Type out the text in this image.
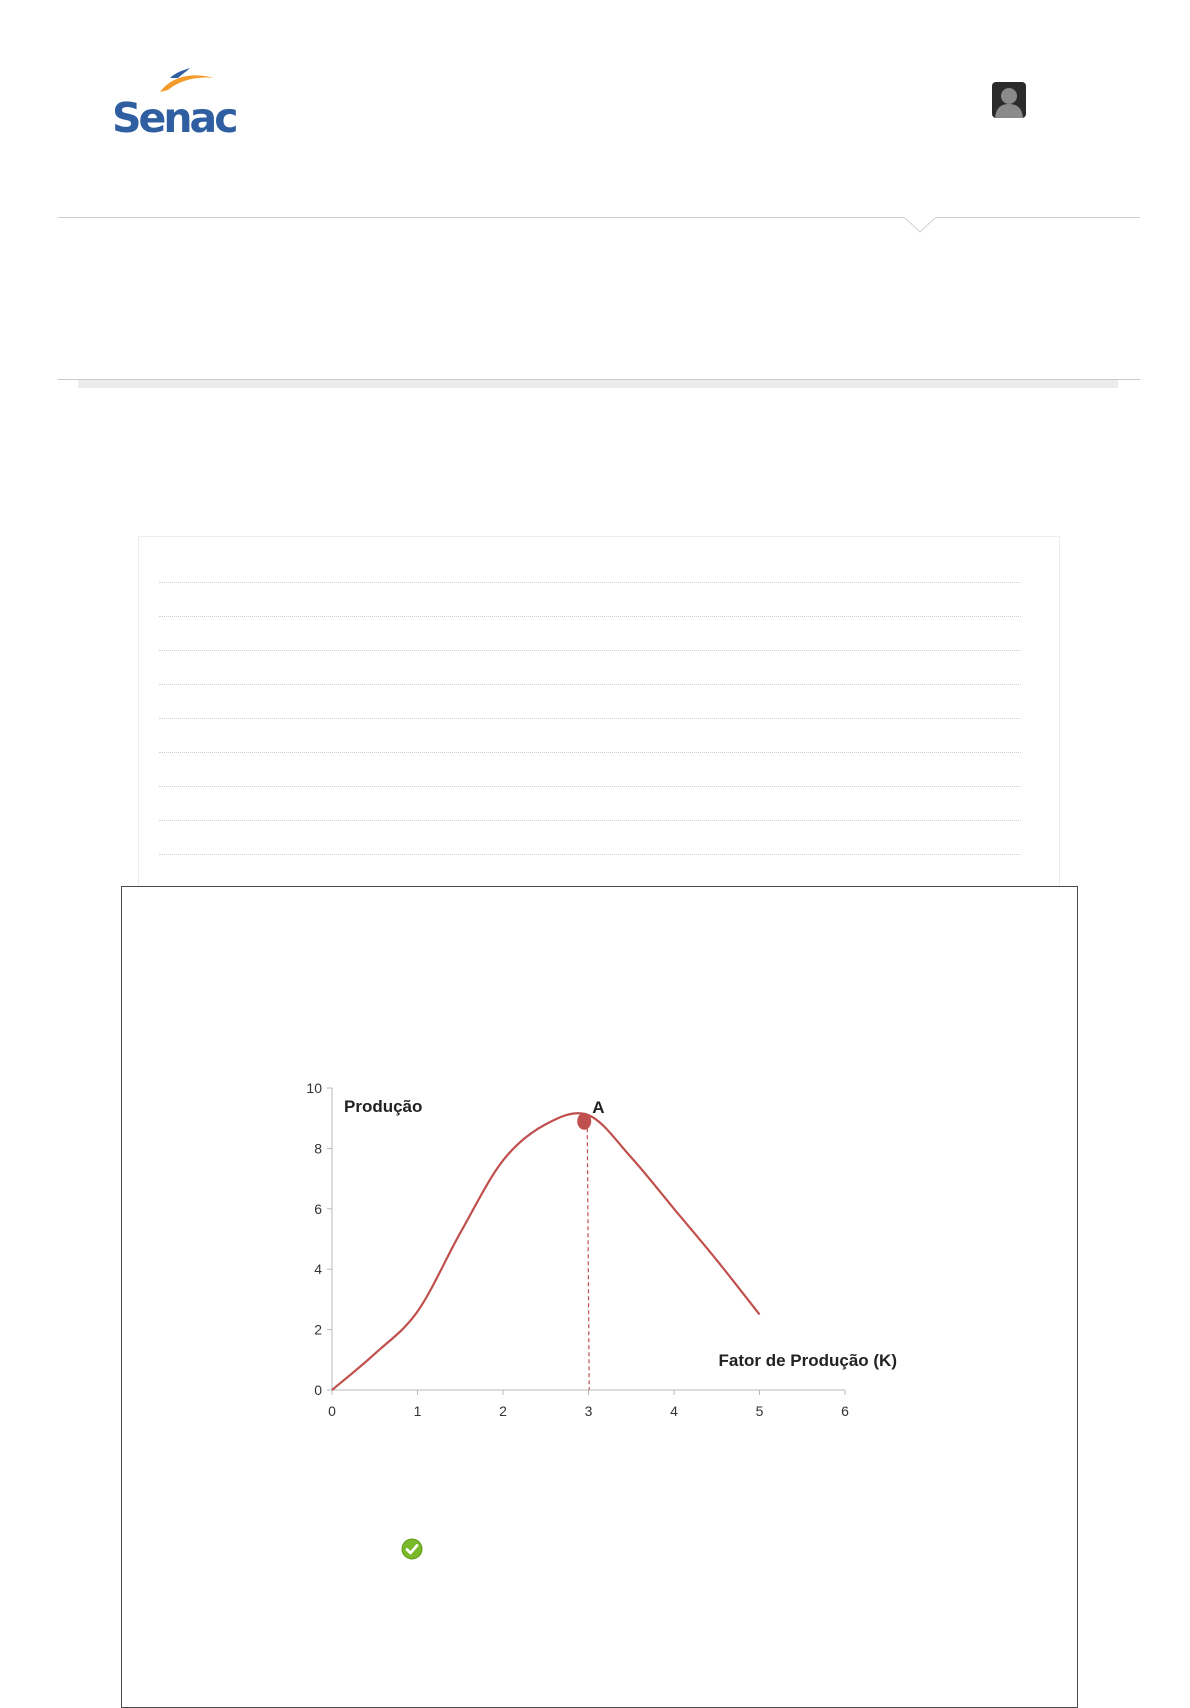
Senac
0
2
4
6
8
10
0	1	2	3	4	5	6
Produção
Fator de Produção (K)
A
